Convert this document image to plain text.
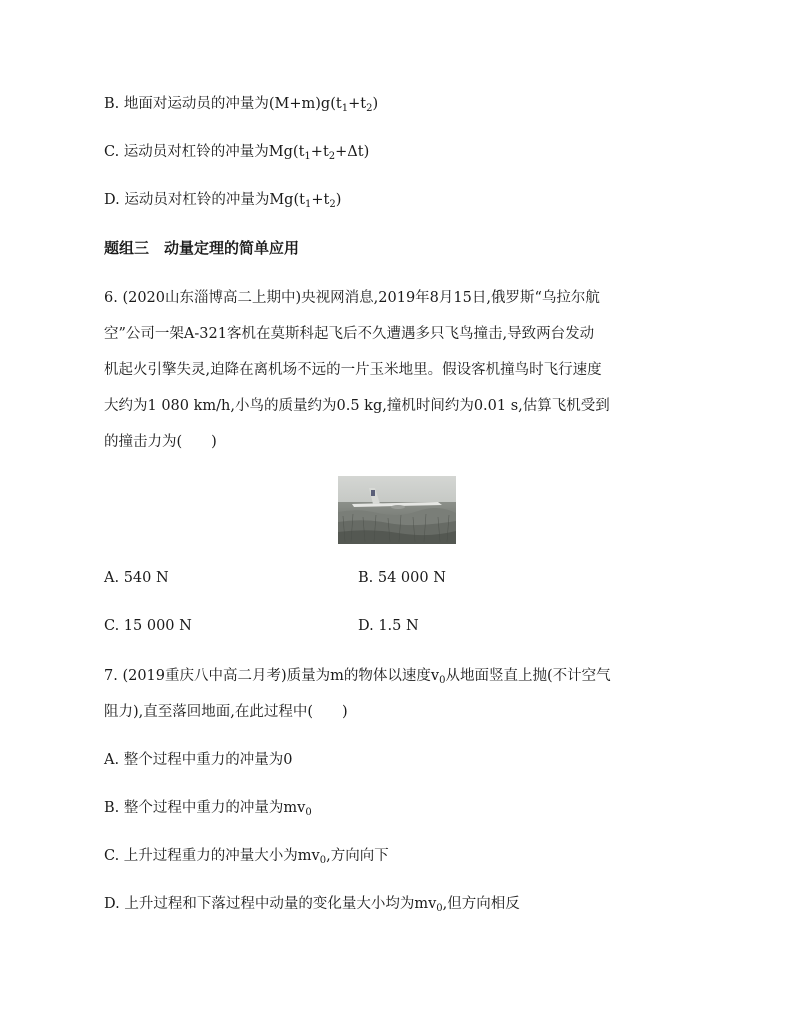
B. 地面对运动员的冲量为$(M+m)g(t_1+t_2)$
C. 运动员对杠铃的冲量为$Mg(t_1+t_2+\Delta t)$
D. 运动员对杠铃的冲量为$Mg(t_1+t_2)$
题组三　动量定理的简单应用
6. (2020山东淄博高二上期中)央视网消息,2019年8月15日,俄罗斯“乌拉尔航
空”公司一架A-321客机在莫斯科起飞后不久遭遇多只飞鸟撞击,导致两台发动
机起火引擎失灵,迫降在离机场不远的一片玉米地里。假设客机撞鸟时飞行速度
大约为1 080 km/h,小鸟的质量约为0.5 kg,撞机时间约为0.01 s,估算飞机受到
的撞击力为(　　)
A. 540 N	B. 54 000 N
C. 15 000 N	D. 1.5 N
7. (2019重庆八中高二月考)质量为m的物体以速度$v_0$从地面竖直上抛(不计空气
阻力),直至落回地面,在此过程中(　　)
A. 整个过程中重力的冲量为0
B. 整个过程中重力的冲量为$mv_0$
C. 上升过程重力的冲量大小为$mv_0$,方向向下
D. 上升过程和下落过程中动量的变化量大小均为$mv_0$,但方向相反
